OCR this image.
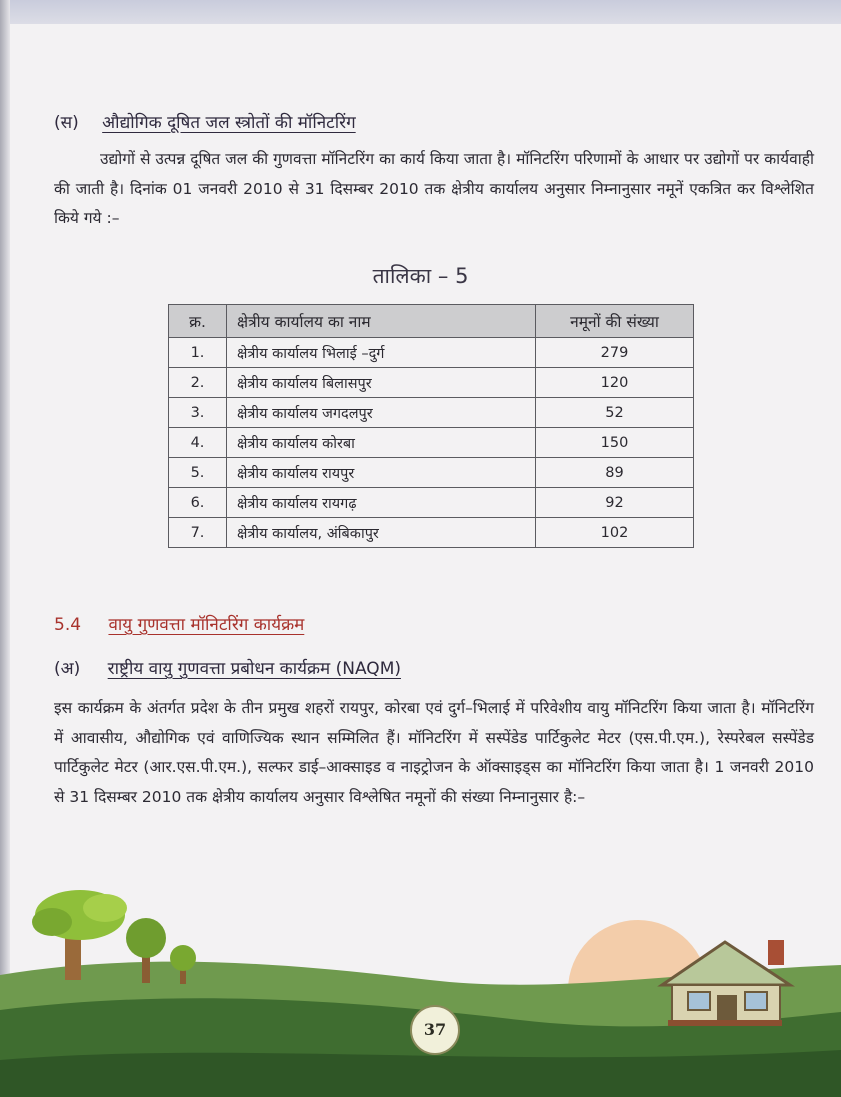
(स) औद्योगिक दूषित जल स्त्रोतों की मॉनिटरिंग
उद्योगों से उत्पन्न दूषित जल की गुणवत्ता मॉनिटरिंग का कार्य किया जाता है। मॉनिटरिंग परिणामों के आधार पर उद्योगों पर कार्यवाही की जाती है। दिनांक 01 जनवरी 2010 से 31 दिसम्बर 2010 तक क्षेत्रीय कार्यालय अनुसार निम्नानुसार नमूनें एकत्रित कर विश्लेशित किये गये :–
तालिका – 5
क्र.	क्षेत्रीय कार्यालय का नाम	नमूनों की संख्या
1.	क्षेत्रीय कार्यालय भिलाई –दुर्ग	279
2.	क्षेत्रीय कार्यालय बिलासपुर	120
3.	क्षेत्रीय कार्यालय जगदलपुर	52
4.	क्षेत्रीय कार्यालय कोरबा	150
5.	क्षेत्रीय कार्यालय रायपुर	89
6.	क्षेत्रीय कार्यालय रायगढ़	92
7.	क्षेत्रीय कार्यालय, अंबिकापुर	102
5.4 वायु गुणवत्ता मॉनिटरिंग कार्यक्रम
(अ) राष्ट्रीय वायु गुणवत्ता प्रबोधन कार्यक्रम (NAQM)
इस कार्यक्रम के अंतर्गत प्रदेश के तीन प्रमुख शहरों रायपुर, कोरबा एवं दुर्ग–भिलाई में परिवेशीय वायु मॉनिटरिंग किया जाता है। मॉनिटरिंग में आवासीय, औद्योगिक एवं वाणिज्यिक स्थान सम्मिलित हैं। मॉनिटरिंग में सस्पेंडेड पार्टिकुलेट मेटर (एस.पी.एम.), रेस्परेबल सस्पेंडेड पार्टिकुलेट मेटर (आर.एस.पी.एम.), सल्फर डाई–आक्साइड व नाइट्रोजन के ऑक्साइड्स का मॉनिटरिंग किया जाता है। 1 जनवरी 2010 से 31 दिसम्बर 2010 तक क्षेत्रीय कार्यालय अनुसार विश्लेषित नमूनों की संख्या निम्नानुसार है:–
37
